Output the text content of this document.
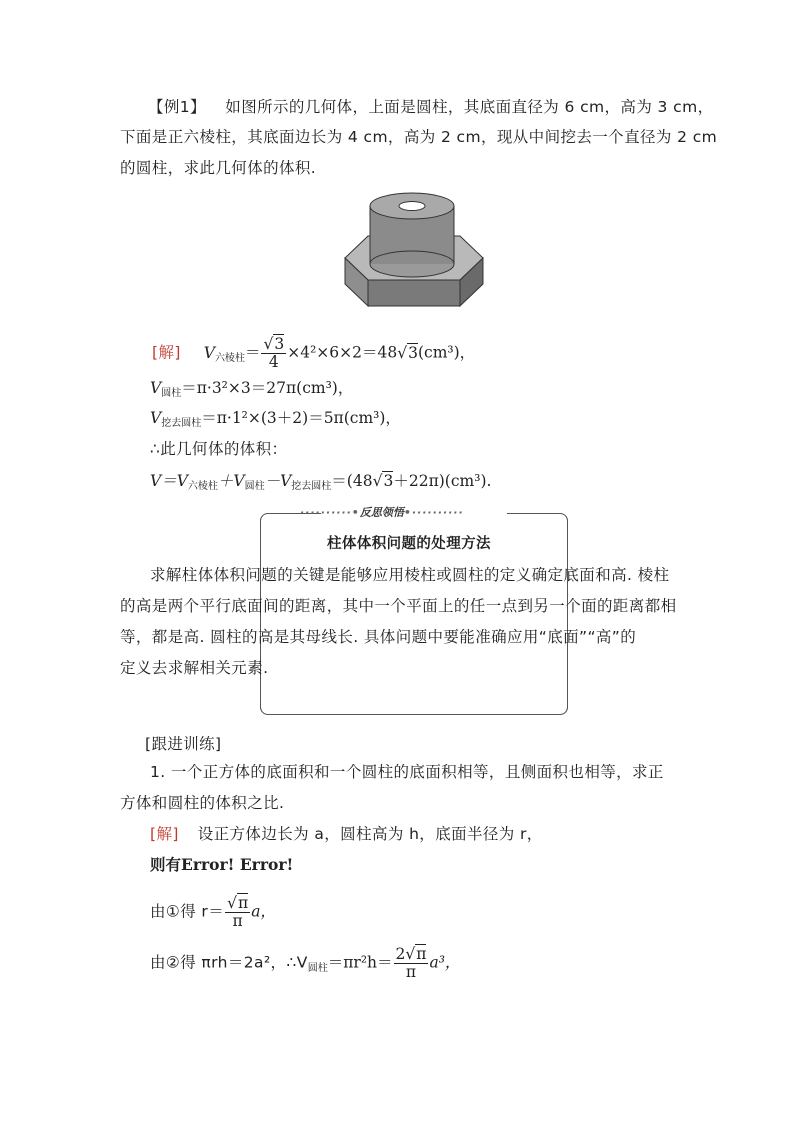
【例1】 如图所示的几何体，上面是圆柱，其底面直径为 6 cm，高为 3 cm，
下面是正六棱柱，其底面边长为 4 cm，高为 2 cm，现从中间挖去一个直径为 2 cm
的圆柱，求此几何体的体积.
[解] V六棱柱＝
√ $\frac{3}{4} \times 4^2\times 6\times 2=48√$ 3(cm³)，
V圆柱＝π·3²×3＝27π(cm³)，
V挖去圆柱＝π·1²×(3＋2)＝5π(cm³)，
∴此几何体的体积：
V＝V六棱柱＋V圆柱－V挖去圆柱＝(48√ 3＋22π)(cm³).
··········•反思领悟•··········
柱体体积问题的处理方法
求解柱体体积问题的关键是能够应用棱柱或圆柱的定义确定底面和高. 棱柱
的高是两个平行底面间的距离，其中一个平面上的任一点到另一个面的距离都相
等，都是高. 圆柱的高是其母线长. 具体问题中要能准确应用“底面”“高”的
定义去求解相关元素.
[跟进训练]
1. 一个正方体的底面积和一个圆柱的底面积相等，且侧面积也相等，求正
方体和圆柱的体积之比.
[解] 设正方体边长为 a，圆柱高为 h，底面半径为 r，
则有Error! Error!
由①得 r＝
√ $\frac{\pi}{\pi}$ a，
由②得 πrh＝2a²，∴V圆柱$=\pi r^2h= \frac{2√ \pi}{\pi} a^3$，
